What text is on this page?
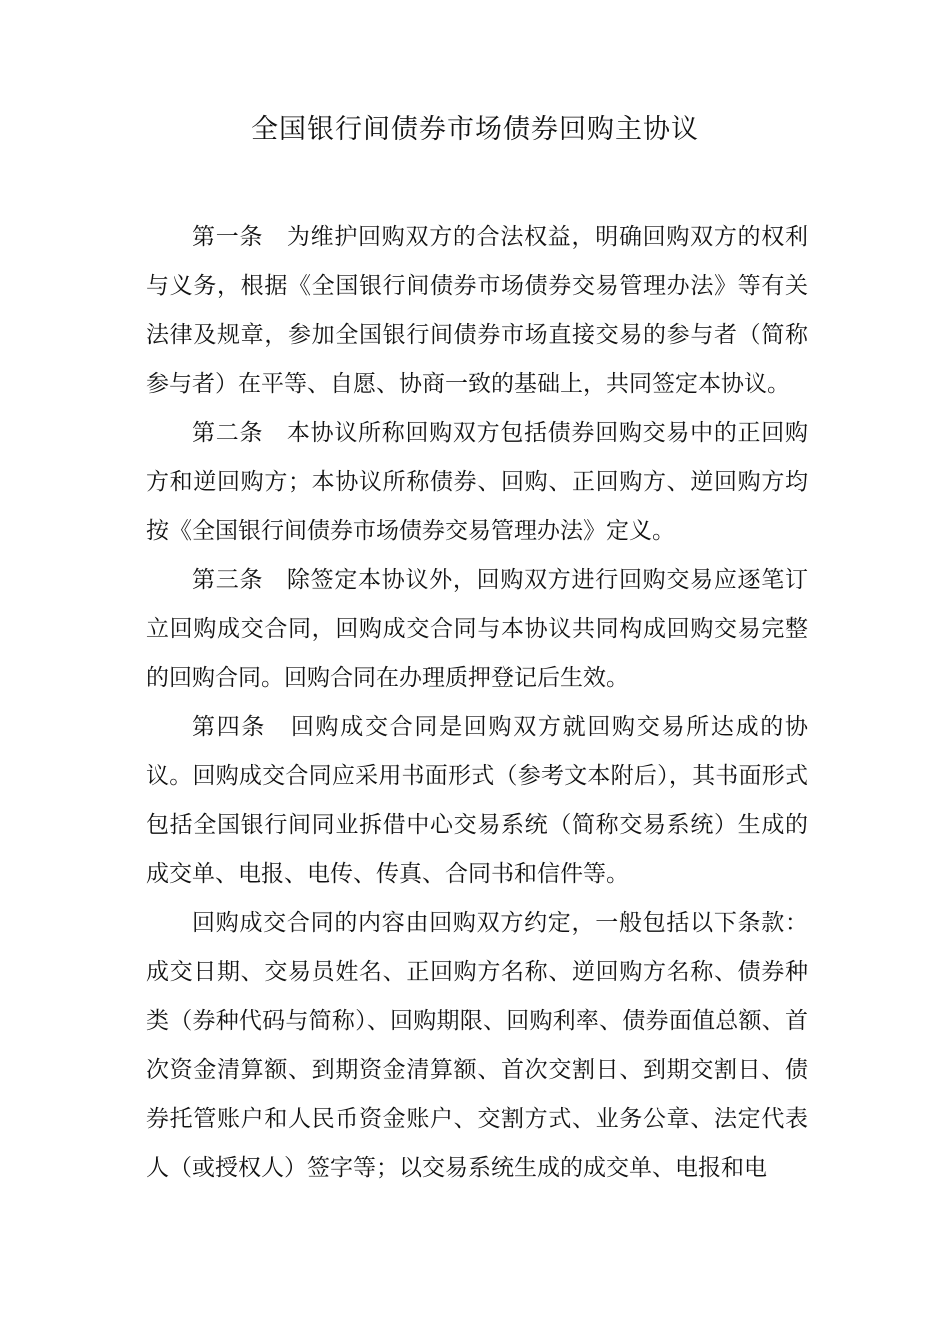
全国银行间债券市场债券回购主协议

第一条　为维护回购双方的合法权益，明确回购双方的权利与义务，根据《全国银行间债券市场债券交易管理办法》等有关法律及规章，参加全国银行间债券市场直接交易的参与者（简称参与者）在平等、自愿、协商一致的基础上，共同签定本协议。

第二条　本协议所称回购双方包括债券回购交易中的正回购方和逆回购方；本协议所称债券、回购、正回购方、逆回购方均按《全国银行间债券市场债券交易管理办法》定义。

第三条　除签定本协议外，回购双方进行回购交易应逐笔订立回购成交合同，回购成交合同与本协议共同构成回购交易完整的回购合同。回购合同在办理质押登记后生效。

第四条　回购成交合同是回购双方就回购交易所达成的协议。回购成交合同应采用书面形式（参考文本附后），其书面形式包括全国银行间同业拆借中心交易系统（简称交易系统）生成的成交单、电报、电传、传真、合同书和信件等。

回购成交合同的内容由回购双方约定，一般包括以下条款：成交日期、交易员姓名、正回购方名称、逆回购方名称、债券种类（券种代码与简称）、回购期限、回购利率、债券面值总额、首次资金清算额、到期资金清算额、首次交割日、到期交割日、债券托管账户和人民币资金账户、交割方式、业务公章、法定代表人（或授权人）签字等；以交易系统生成的成交单、电报和电
